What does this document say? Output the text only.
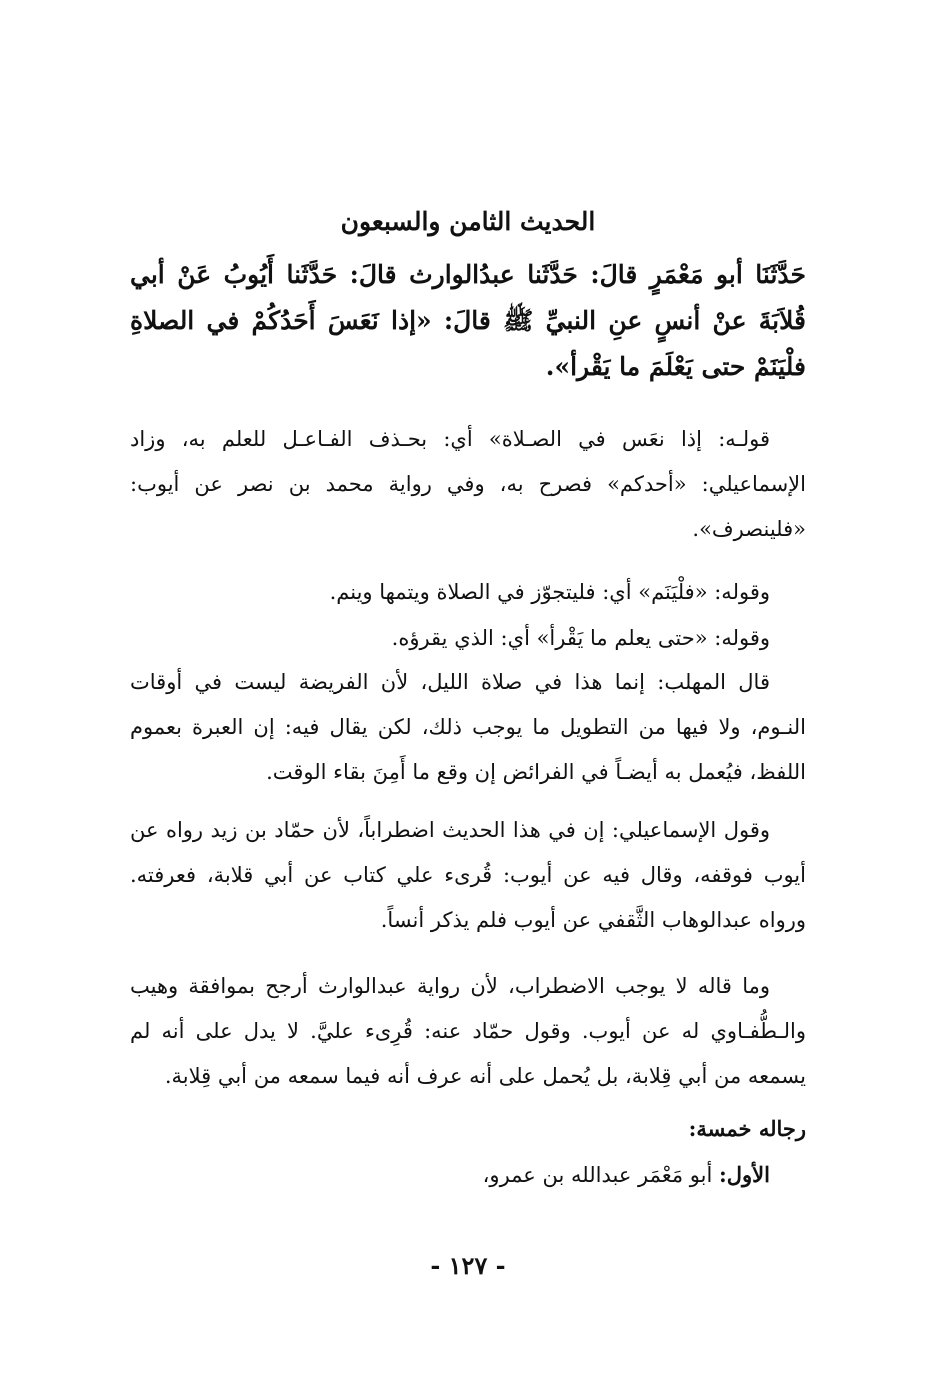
الحديث الثامن والسبعون
حَدَّثَنَا أبو مَعْمَرٍ قالَ: حَدَّثَنا عبدُالوارث قالَ: حَدَّثَنا أَيُوبُ عَنْ أبي قُلاَبَةَ عنْ أنسٍ عنِ النبيِّ ﷺ قالَ: «إذا نَعَسَ أَحَدُكُمْ في الصلاةِ فلْيَنَمْ حتى يَعْلَمَ ما يَقْرأ».
قولـه: إذا نعَس في الصـلاة» أي: بحـذف الفـاعـل للعلم به، وزاد الإسماعيلي: «أحدكم» فصرح به، وفي رواية محمد بن نصر عن أيوب: «فلينصرف».
وقوله: «فلْيَنَم» أي: فليتجوّز في الصلاة ويتمها وينم.
وقوله: «حتى يعلم ما يَقْرأ» أي: الذي يقرؤه.
قال المهلب: إنما هذا في صلاة الليل، لأن الفريضة ليست في أوقات النـوم، ولا فيها من التطويل ما يوجب ذلك، لكن يقال فيه: إن العبرة بعموم اللفظ، فيُعمل به أيضـاً في الفرائض إن وقع ما أَمِنَ بقاء الوقت.
وقول الإسماعيلي: إن في هذا الحديث اضطراباً، لأن حمّاد بن زيد رواه عن أيوب فوقفه، وقال فيه عن أيوب: قُرىء علي كتاب عن أبي قلابة، فعرفته. ورواه عبدالوهاب الثَّقفي عن أيوب فلم يذكر أنساً.
وما قاله لا يوجب الاضطراب، لأن رواية عبدالوارث أرجح بموافقة وهيب والـطُّفـاوي له عن أيوب. وقول حمّاد عنه: قُرِىء عليَّ. لا يدل على أنه لم يسمعه من أبي قِلابة، بل يُحمل على أنه عرف أنه فيما سمعه من أبي قِلابة.
رجاله خمسة:
الأول: أبو مَعْمَر عبدالله بن عمرو،
- ١٢٧ -
